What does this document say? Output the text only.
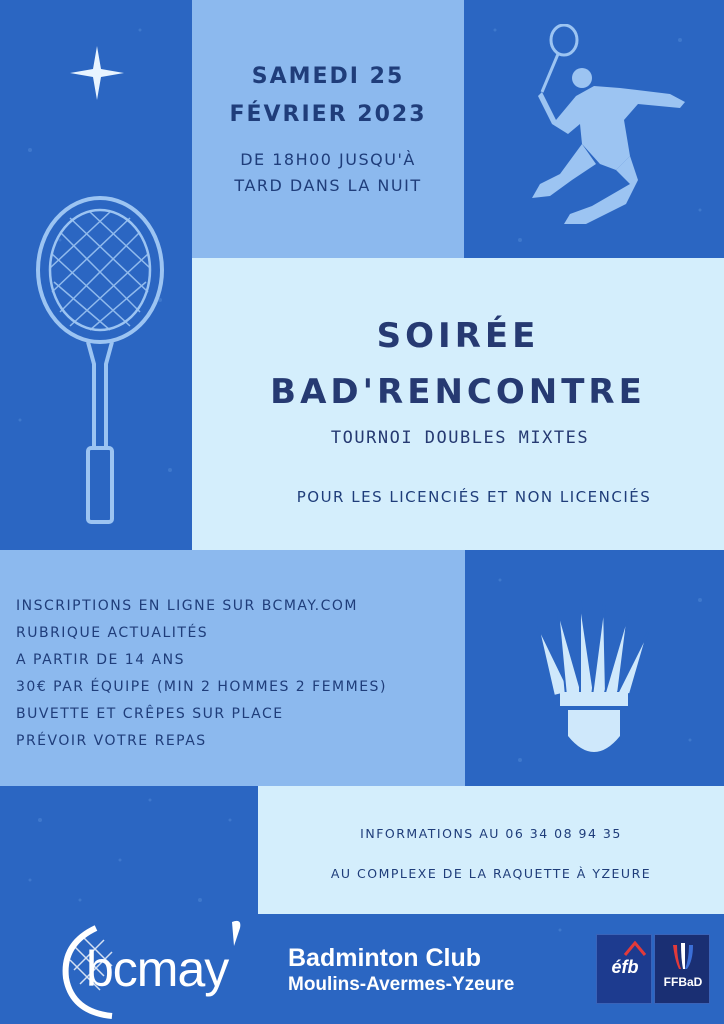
SAMEDI 25
FÉVRIER 2023
DE 18H00 JUSQU'À
TARD DANS LA NUIT
SOIRÉE
BAD'RENCONTRE
TOURNOI DOUBLES MIXTES
POUR LES LICENCIÉS ET NON LICENCIÉS
INSCRIPTIONS EN LIGNE SUR BCMAY.COM
RUBRIQUE ACTUALITÉS
A PARTIR DE 14 ANS
30€ PAR ÉQUIPE (MIN 2 HOMMES 2 FEMMES)
BUVETTE ET CRÊPES SUR PLACE
PRÉVOIR VOTRE REPAS
INFORMATIONS AU 06 34 08 94 35
AU COMPLEXE DE LA RAQUETTE À YZEURE
bcmay Badminton Club
Moulins-Avermes-Yzeure
éfb
FFBaD
